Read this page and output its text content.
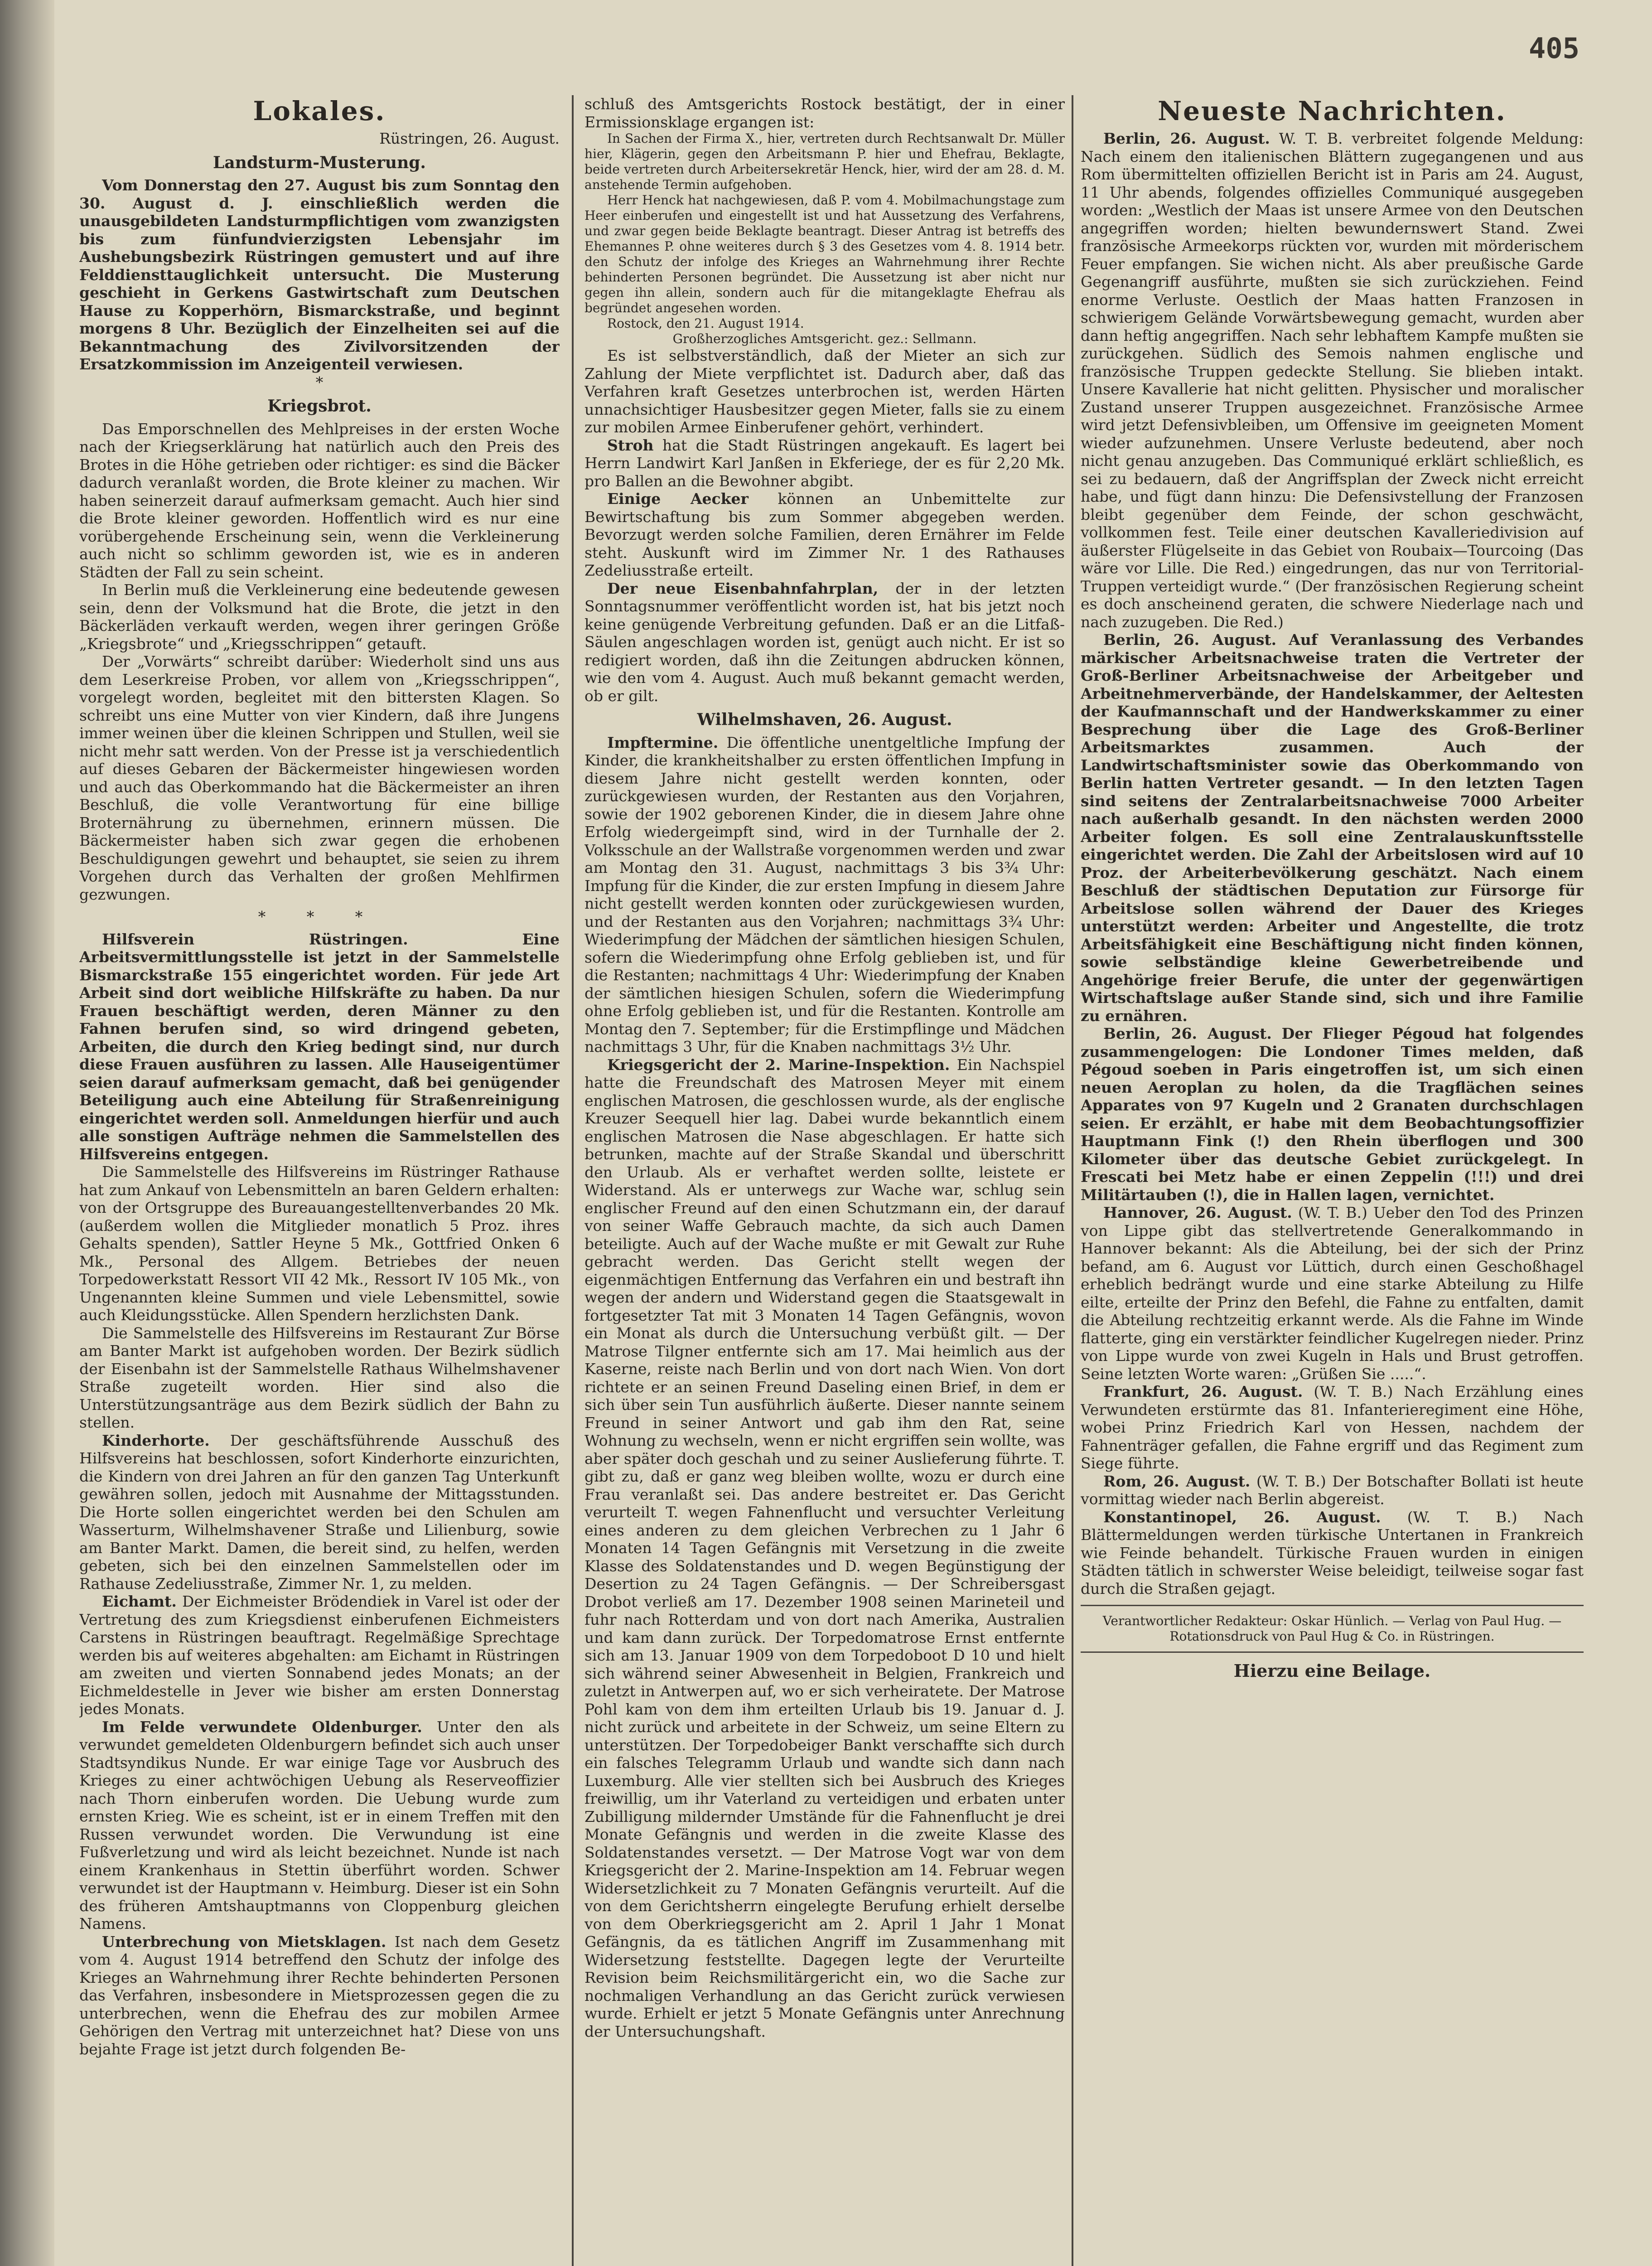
405
Lokales.
Rüstringen, 26. August.
Landsturm-Musterung.

Vom Donnerstag den 27. August bis zum Sonntag den 30. August d. J. einschließlich werden die unausgebildeten Landsturmpflichtigen vom zwanzigsten bis zum fünfundvierzigsten Lebensjahr im Aushebungsbezirk Rüstringen gemustert und auf ihre Felddiensttauglichkeit untersucht. Die Musterung geschieht in Gerkens Gastwirtschaft zum Deutschen Hause zu Kopperhörn, Bismarckstraße, und beginnt morgens 8 Uhr. Bezüglich der Einzelheiten sei auf die Bekanntmachung des Zivilvorsitzenden der Ersatzkommission im Anzeigenteil verwiesen.

*
Kriegsbrot.

Das Emporschnellen des Mehlpreises in der ersten Woche nach der Kriegserklärung hat natürlich auch den Preis des Brotes in die Höhe getrieben oder richtiger: es sind die Bäcker dadurch veranlaßt worden, die Brote kleiner zu machen. Wir haben seinerzeit darauf aufmerksam gemacht. Auch hier sind die Brote kleiner geworden. Hoffentlich wird es nur eine vorübergehende Erscheinung sein, wenn die Verkleinerung auch nicht so schlimm geworden ist, wie es in anderen Städten der Fall zu sein scheint.

In Berlin muß die Verkleinerung eine bedeutende gewesen sein, denn der Volksmund hat die Brote, die jetzt in den Bäckerläden verkauft werden, wegen ihrer geringen Größe „Kriegsbrote“ und „Kriegsschrippen“ getauft.

Der „Vorwärts“ schreibt darüber: Wiederholt sind uns aus dem Leserkreise Proben, vor allem von „Kriegsschrippen“, vorgelegt worden, begleitet mit den bittersten Klagen. So schreibt uns eine Mutter von vier Kindern, daß ihre Jungens immer weinen über die kleinen Schrippen und Stullen, weil sie nicht mehr satt werden. Von der Presse ist ja verschiedentlich auf dieses Gebaren der Bäckermeister hingewiesen worden und auch das Oberkommando hat die Bäckermeister an ihren Beschluß, die volle Verantwortung für eine billige Broternährung zu übernehmen, erinnern müssen. Die Bäckermeister haben sich zwar gegen die erhobenen Beschuldigungen gewehrt und behauptet, sie seien zu ihrem Vorgehen durch das Verhalten der großen Mehlfirmen gezwungen.

* * *

Hilfsverein Rüstringen.	Eine Arbeitsvermittlungsstelle ist jetzt in der Sammelstelle Bismarckstraße 155 eingerichtet worden. Für jede Art Arbeit sind dort weibliche Hilfskräfte zu haben. Da nur Frauen beschäftigt werden, deren Männer zu den Fahnen berufen sind, so wird dringend gebeten, Arbeiten, die durch den Krieg bedingt sind, nur durch diese Frauen ausführen zu lassen. Alle Hauseigentümer seien darauf aufmerksam gemacht, daß bei genügender Beteiligung auch eine Abteilung für Straßenreinigung eingerichtet werden soll. Anmeldungen hierfür und auch alle sonstigen Aufträge nehmen die Sammelstellen des Hilfsvereins entgegen.

Die Sammelstelle des Hilfsvereins im Rüstringer Rathause hat zum Ankauf von Lebensmitteln an baren Geldern erhalten: von der Ortsgruppe des Bureauangestelltenverbandes 20 Mk. (außerdem wollen die Mitglieder monatlich 5 Proz. ihres Gehalts spenden), Sattler Heyne 5 Mk., Gottfried Onken 6 Mk., Personal des Allgem. Betriebes der neuen Torpedowerkstatt Ressort VII 42 Mk., Ressort IV 105 Mk., von Ungenannten kleine Summen und viele Lebensmittel, sowie auch Kleidungsstücke. Allen Spendern herzlichsten Dank.

Die Sammelstelle des Hilfsvereins im Restaurant Zur Börse am Banter Markt ist aufgehoben worden. Der Bezirk südlich der Eisenbahn ist der Sammelstelle Rathaus Wilhelmshavener Straße zugeteilt worden. Hier sind also die Unterstützungsanträge aus dem Bezirk südlich der Bahn zu stellen.

Kinderhorte. Der geschäftsführende Ausschuß des Hilfsvereins hat beschlossen, sofort Kinderhorte einzurichten, die Kindern von drei Jahren an für den ganzen Tag Unterkunft gewähren sollen, jedoch mit Ausnahme der Mittagsstunden. Die Horte sollen eingerichtet werden bei den Schulen am Wasserturm, Wilhelmshavener Straße und Lilienburg, sowie am Banter Markt. Damen, die bereit sind, zu helfen, werden gebeten, sich bei den einzelnen Sammelstellen oder im Rathause Zedeliusstraße, Zimmer Nr. 1, zu melden.

Eichamt. Der Eichmeister Brödendiek in Varel ist oder der Vertretung des zum Kriegsdienst einberufenen Eichmeisters Carstens in Rüstringen beauftragt. Regelmäßige Sprechtage werden bis auf weiteres abgehalten: am Eichamt in Rüstringen am zweiten und vierten Sonnabend jedes Monats; an der Eichmeldestelle in Jever wie bisher am ersten Donnerstag jedes Monats.

Im Felde verwundete Oldenburger. Unter den als verwundet gemeldeten Oldenburgern befindet sich auch unser Stadtsyndikus Nunde. Er war einige Tage vor Ausbruch des Krieges zu einer achtwöchigen Uebung als Reserveoffizier nach Thorn einberufen worden. Die Uebung wurde zum ernsten Krieg. Wie es scheint, ist er in einem Treffen mit den Russen verwundet worden. Die Verwundung ist eine Fußverletzung und wird als leicht bezeichnet. Nunde ist nach einem Krankenhaus in Stettin überführt worden. Schwer verwundet ist der Hauptmann v. Heimburg. Dieser ist ein Sohn des früheren Amtshauptmanns von Cloppenburg gleichen Namens.

Unterbrechung von Mietsklagen. Ist nach dem Gesetz vom 4. August 1914 betreffend den Schutz der infolge des Krieges an Wahrnehmung ihrer Rechte behinderten Personen das Verfahren, insbesondere in Mietsprozessen gegen die zu unterbrechen, wenn die Ehefrau des zur mobilen Armee Gehörigen den Vertrag mit unterzeichnet hat? Diese von uns bejahte Frage ist jetzt durch folgenden Be-

schluß des Amtsgerichts Rostock bestätigt, der in einer Ermissionsklage ergangen ist:

In Sachen der Firma X., hier, vertreten durch Rechtsanwalt Dr. Müller hier, Klägerin, gegen den Arbeitsmann P. hier und Ehefrau, Beklagte, beide vertreten durch Arbeitersekretär Henck, hier, wird der am 28. d. M. anstehende Termin aufgehoben.

Herr Henck hat nachgewiesen, daß P. vom 4. Mobilmachungstage zum Heer einberufen und eingestellt ist und hat Aussetzung des Verfahrens, und zwar gegen beide Beklagte beantragt. Dieser Antrag ist betreffs des Ehemannes P. ohne weiteres durch § 3 des Gesetzes vom 4. 8. 1914 betr. den Schutz der infolge des Krieges an Wahrnehmung ihrer Rechte behinderten Personen begründet. Die Aussetzung ist aber nicht nur gegen ihn allein, sondern auch für die mitangeklagte Ehefrau als begründet angesehen worden.

Rostock, den 21. August 1914.

Großherzogliches Amtsgericht. gez.: Sellmann.

Es ist selbstverständlich, daß der Mieter an sich zur Zahlung der Miete verpflichtet ist. Dadurch aber, daß das Verfahren kraft Gesetzes unterbrochen ist, werden Härten unnachsichtiger Hausbesitzer gegen Mieter, falls sie zu einem zur mobilen Armee Einberufener gehört, verhindert.

Stroh hat die Stadt Rüstringen angekauft. Es lagert bei Herrn Landwirt Karl Janßen in Ekferiege, der es für 2,20 Mk. pro Ballen an die Bewohner abgibt.

Einige Aecker können an Unbemittelte zur Bewirtschaftung bis zum Sommer abgegeben werden. Bevorzugt werden solche Familien, deren Ernährer im Felde steht. Auskunft wird im Zimmer Nr. 1 des Rathauses Zedeliusstraße erteilt.

Der neue Eisenbahnfahrplan, der in der letzten Sonntagsnummer veröffentlicht worden ist, hat bis jetzt noch keine genügende Verbreitung gefunden. Daß er an die Litfaß-Säulen angeschlagen worden ist, genügt auch nicht. Er ist so redigiert worden, daß ihn die Zeitungen abdrucken können, wie den vom 4. August. Auch muß bekannt gemacht werden, ob er gilt.

Wilhelmshaven, 26. August.

Impftermine. Die öffentliche unentgeltliche Impfung der Kinder, die krankheitshalber zu ersten öffentlichen Impfung in diesem Jahre nicht gestellt werden konnten, oder zurückgewiesen wurden, der Restanten aus den Vorjahren, sowie der 1902 geborenen Kinder, die in diesem Jahre ohne Erfolg wiedergeimpft sind, wird in der Turnhalle der 2. Volksschule an der Wallstraße vorgenommen werden und zwar am Montag den 31. August, nachmittags 3 bis 3¾ Uhr: Impfung für die Kinder, die zur ersten Impfung in diesem Jahre nicht gestellt werden konnten oder zurückgewiesen wurden, und der Restanten aus den Vorjahren; nachmittags 3¾ Uhr: Wiederimpfung der Mädchen der sämtlichen hiesigen Schulen, sofern die Wiederimpfung ohne Erfolg geblieben ist, und für die Restanten; nachmittags 4 Uhr: Wiederimpfung der Knaben der sämtlichen hiesigen Schulen, sofern die Wiederimpfung ohne Erfolg geblieben ist, und für die Restanten. Kontrolle am Montag den 7. September; für die Erstimpflinge und Mädchen nachmittags 3 Uhr, für die Knaben nachmittags 3½ Uhr.

Kriegsgericht der 2. Marine-Inspektion. Ein Nachspiel hatte die Freundschaft des Matrosen Meyer mit einem englischen Matrosen, die geschlossen wurde, als der englische Kreuzer Seequell hier lag. Dabei wurde bekanntlich einem englischen Matrosen die Nase abgeschlagen. Er hatte sich betrunken, machte auf der Straße Skandal und überschritt den Urlaub. Als er verhaftet werden sollte, leistete er Widerstand. Als er unterwegs zur Wache war, schlug sein englischer Freund auf den einen Schutzmann ein, der darauf von seiner Waffe Gebrauch machte, da sich auch Damen beteiligte. Auch auf der Wache mußte er mit Gewalt zur Ruhe gebracht werden. Das Gericht stellt wegen der eigenmächtigen Entfernung das Verfahren ein und bestraft ihn wegen der andern und Widerstand gegen die Staatsgewalt in fortgesetzter Tat mit 3 Monaten 14 Tagen Gefängnis, wovon ein Monat als durch die Untersuchung verbüßt gilt. — Der Matrose Tilgner entfernte sich am 17. Mai heimlich aus der Kaserne, reiste nach Berlin und von dort nach Wien. Von dort richtete er an seinen Freund Daseling einen Brief, in dem er sich über sein Tun ausführlich äußerte. Dieser nannte seinem Freund in seiner Antwort und gab ihm den Rat, seine Wohnung zu wechseln, wenn er nicht ergriffen sein wollte, was aber später doch geschah und zu seiner Auslieferung führte. T. gibt zu, daß er ganz weg bleiben wollte, wozu er durch eine Frau veranlaßt sei. Das andere bestreitet er. Das Gericht verurteilt T. wegen Fahnenflucht und versuchter Verleitung eines anderen zu dem gleichen Verbrechen zu 1 Jahr 6 Monaten 14 Tagen Gefängnis mit Versetzung in die zweite Klasse des Soldatenstandes und D. wegen Begünstigung der Desertion zu 24 Tagen Gefängnis. — Der Schreibersgast Drobot verließ am 17. Dezember 1908 seinen Marineteil und fuhr nach Rotterdam und von dort nach Amerika, Australien und kam dann zurück. Der Torpedomatrose Ernst entfernte sich am 13. Januar 1909 von dem Torpedoboot D 10 und hielt sich während seiner Abwesenheit in Belgien, Frankreich und zuletzt in Antwerpen auf, wo er sich verheiratete. Der Matrose Pohl kam von dem ihm erteilten Urlaub bis 19. Januar d. J. nicht zurück und arbeitete in der Schweiz, um seine Eltern zu unterstützen. Der Torpedobeiger Bankt verschaffte sich durch ein falsches Telegramm Urlaub und wandte sich dann nach Luxemburg. Alle vier stellten sich bei Ausbruch des Krieges freiwillig, um ihr Vaterland zu verteidigen und erbaten unter Zubilligung mildernder Umstände für die Fahnenflucht je drei Monate Gefängnis und werden in die zweite Klasse des Soldatenstandes versetzt. — Der Matrose Vogt war von dem Kriegsgericht der 2. Marine-Inspektion am 14. Februar wegen Widersetzlichkeit zu 7 Monaten Gefängnis verurteilt. Auf die von dem Gerichtsherrn eingelegte Berufung erhielt derselbe von dem Oberkriegsgericht am 2. April 1 Jahr 1 Monat Gefängnis, da es tätlichen Angriff im Zusammenhang mit Widersetzung feststellte. Dagegen legte der Verurteilte Revision beim Reichsmilitärgericht ein, wo die Sache zur nochmaligen Verhandlung an das Gericht zurück verwiesen wurde. Erhielt er jetzt 5 Monate Gefängnis unter Anrechnung der Untersuchungshaft.

Neueste Nachrichten.

Berlin, 26. August. W. T. B. verbreitet folgende Meldung: Nach einem den italienischen Blättern zugegangenen und aus Rom übermittelten offiziellen Bericht ist in Paris am 24. August, 11 Uhr abends, folgendes offizielles Communiqué ausgegeben worden: „Westlich der Maas ist unsere Armee von den Deutschen angegriffen worden; hielten bewundernswert Stand. Zwei französische Armeekorps rückten vor, wurden mit mörderischem Feuer empfangen. Sie wichen nicht. Als aber preußische Garde Gegenangriff ausführte, mußten sie sich zurückziehen. Feind enorme Verluste. Oestlich der Maas hatten Franzosen in schwierigem Gelände Vorwärtsbewegung gemacht, wurden aber dann heftig angegriffen. Nach sehr lebhaftem Kampfe mußten sie zurückgehen. Südlich des Semois nahmen englische und französische Truppen gedeckte Stellung. Sie blieben intakt. Unsere Kavallerie hat nicht gelitten. Physischer und moralischer Zustand unserer Truppen ausgezeichnet. Französische Armee wird jetzt Defensivbleiben, um Offensive im geeigneten Moment wieder aufzunehmen. Unsere Verluste bedeutend, aber noch nicht genau anzugeben. Das Communiqué erklärt schließlich, es sei zu bedauern, daß der Angriffsplan der Zweck nicht erreicht habe, und fügt dann hinzu: Die Defensivstellung der Franzosen bleibt gegenüber dem Feinde, der schon geschwächt, vollkommen fest. Teile einer deutschen Kavalleriedivision auf äußerster Flügelseite in das Gebiet von Roubaix—Tourcoing (Das wäre vor Lille. Die Red.) eingedrungen, das nur von Territorial-Truppen verteidigt wurde.“ (Der französischen Regierung scheint es doch anscheinend geraten, die schwere Niederlage nach und nach zuzugeben. Die Red.)

Berlin, 26. August. Auf Veranlassung des Verbandes märkischer Arbeitsnachweise traten die Vertreter der Groß-Berliner Arbeitsnachweise der Arbeitgeber und Arbeitnehmerverbände, der Handelskammer, der Aeltesten der Kaufmannschaft und der Handwerkskammer zu einer Besprechung über die Lage des Groß-Berliner Arbeitsmarktes zusammen. Auch der Landwirtschaftsminister sowie das Oberkommando von Berlin hatten Vertreter gesandt. — In den letzten Tagen sind seitens der Zentralarbeitsnachweise 7000 Arbeiter nach außerhalb gesandt. In den nächsten werden 2000 Arbeiter folgen. Es soll eine Zentralauskunftsstelle eingerichtet werden. Die Zahl der Arbeitslosen wird auf 10 Proz. der Arbeiterbevölkerung geschätzt. Nach einem Beschluß der städtischen Deputation zur Fürsorge für Arbeitslose sollen während der Dauer des Krieges unterstützt werden: Arbeiter und Angestellte, die trotz Arbeitsfähigkeit eine Beschäftigung nicht finden können, sowie selbständige kleine Gewerbetreibende und Angehörige freier Berufe, die unter der gegenwärtigen Wirtschaftslage außer Stande sind, sich und ihre Familie zu ernähren.

Berlin, 26. August. Der Flieger Pégoud hat folgendes zusammengelogen: Die Londoner Times melden, daß Pégoud soeben in Paris eingetroffen ist, um sich einen neuen Aeroplan zu holen, da die Tragflächen seines Apparates von 97 Kugeln und 2 Granaten durchschlagen seien. Er erzählt, er habe mit dem Beobachtungsoffizier Hauptmann Fink (!) den Rhein überflogen und 300 Kilometer über das deutsche Gebiet zurückgelegt. In Frescati bei Metz habe er einen Zeppelin (!!!) und drei Militärtauben (!), die in Hallen lagen, vernichtet.

Hannover, 26. August. (W. T. B.) Ueber den Tod des Prinzen von Lippe gibt das stellvertretende Generalkommando in Hannover bekannt: Als die Abteilung, bei der sich der Prinz befand, am 6. August vor Lüttich, durch einen Geschoßhagel erheblich bedrängt wurde und eine starke Abteilung zu Hilfe eilte, erteilte der Prinz den Befehl, die Fahne zu entfalten, damit die Abteilung rechtzeitig erkannt werde. Als die Fahne im Winde flatterte, ging ein verstärkter feindlicher Kugelregen nieder. Prinz von Lippe wurde von zwei Kugeln in Hals und Brust getroffen. Seine letzten Worte waren: „Grüßen Sie .....“.

Frankfurt, 26. August. (W. T. B.) Nach Erzählung eines Verwundeten erstürmte das 81. Infanterieregiment eine Höhe, wobei Prinz Friedrich Karl von Hessen, nachdem der Fahnenträger gefallen, die Fahne ergriff und das Regiment zum Siege führte.

Rom, 26. August. (W. T. B.) Der Botschafter Bollati ist heute vormittag wieder nach Berlin abgereist.

Konstantinopel, 26. August. (W. T. B.) Nach Blättermeldungen werden türkische Untertanen in Frankreich wie Feinde behandelt. Türkische Frauen wurden in einigen Städten tätlich in schwerster Weise beleidigt, teilweise sogar fast durch die Straßen gejagt.

Verantwortlicher Redakteur: Oskar Hünlich. — Verlag von Paul Hug. — Rotationsdruck von Paul Hug & Co. in Rüstringen.
Hierzu eine Beilage.
